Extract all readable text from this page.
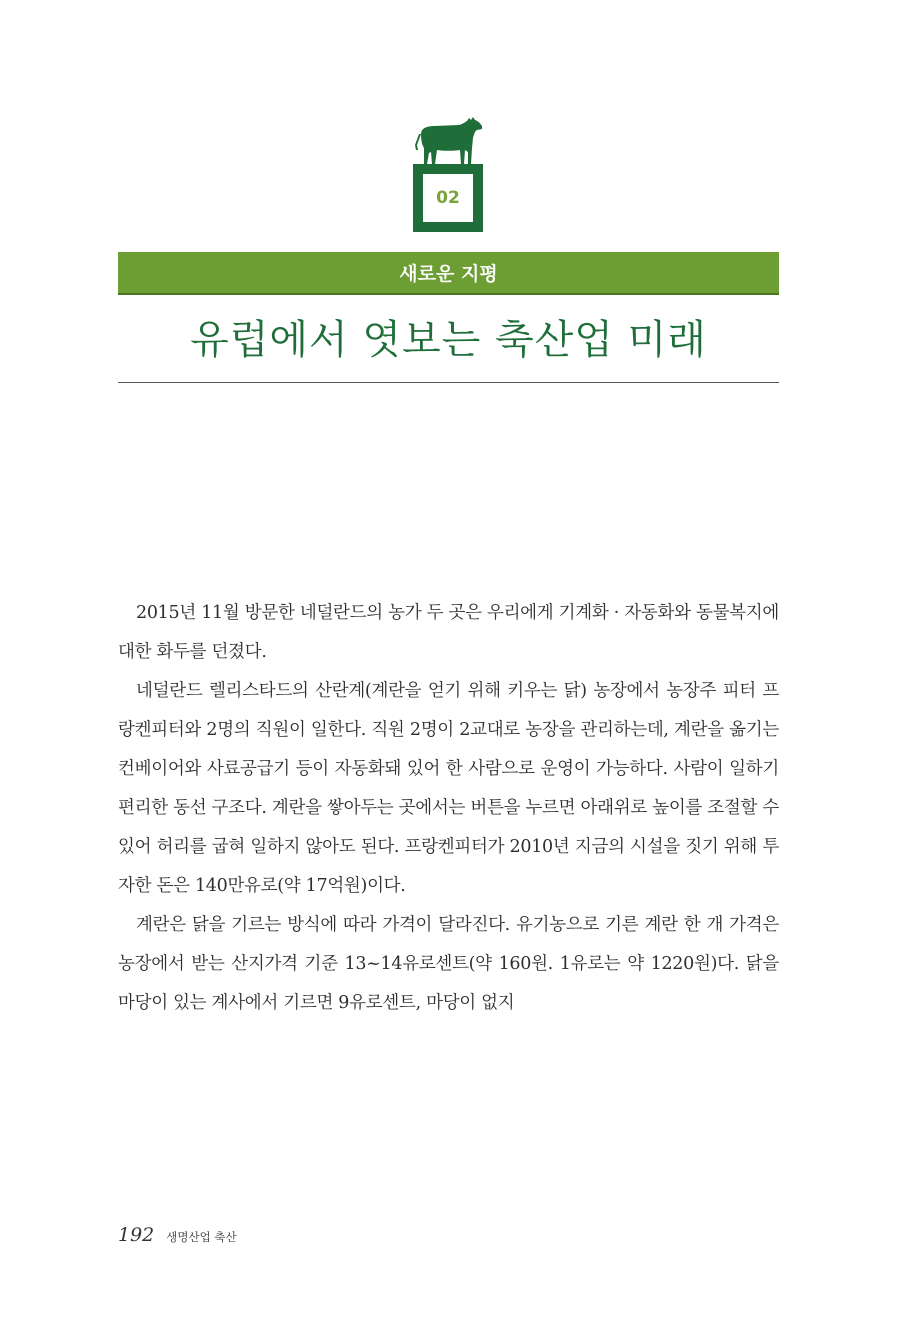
02
새로운 지평
유럽에서 엿보는 축산업 미래

2015년 11월 방문한 네덜란드의 농가 두 곳은 우리에게 기계화 · 자동화와 동물복지에 대한 화두를 던졌다.

네덜란드 렐리스타드의 산란계(계란을 얻기 위해 키우는 닭) 농장에서 농장주 피터 프랑켄피터와 2명의 직원이 일한다. 직원 2명이 2교대로 농장을 관리하는데, 계란을 옮기는 컨베이어와 사료공급기 등이 자동화돼 있어 한 사람으로 운영이 가능하다. 사람이 일하기 편리한 동선 구조다. 계란을 쌓아두는 곳에서는 버튼을 누르면 아래위로 높이를 조절할 수 있어 허리를 굽혀 일하지 않아도 된다. 프랑켄피터가 2010년 지금의 시설을 짓기 위해 투자한 돈은 140만유로(약 17억원)이다.

계란은 닭을 기르는 방식에 따라 가격이 달라진다. 유기농으로 기른 계란 한 개 가격은 농장에서 받는 산지가격 기준 13~14유로센트(약 160원. 1유로는 약 1220원)다. 닭을 마당이 있는 계사에서 기르면 9유로센트, 마당이 없지

192 생명산업 축산
